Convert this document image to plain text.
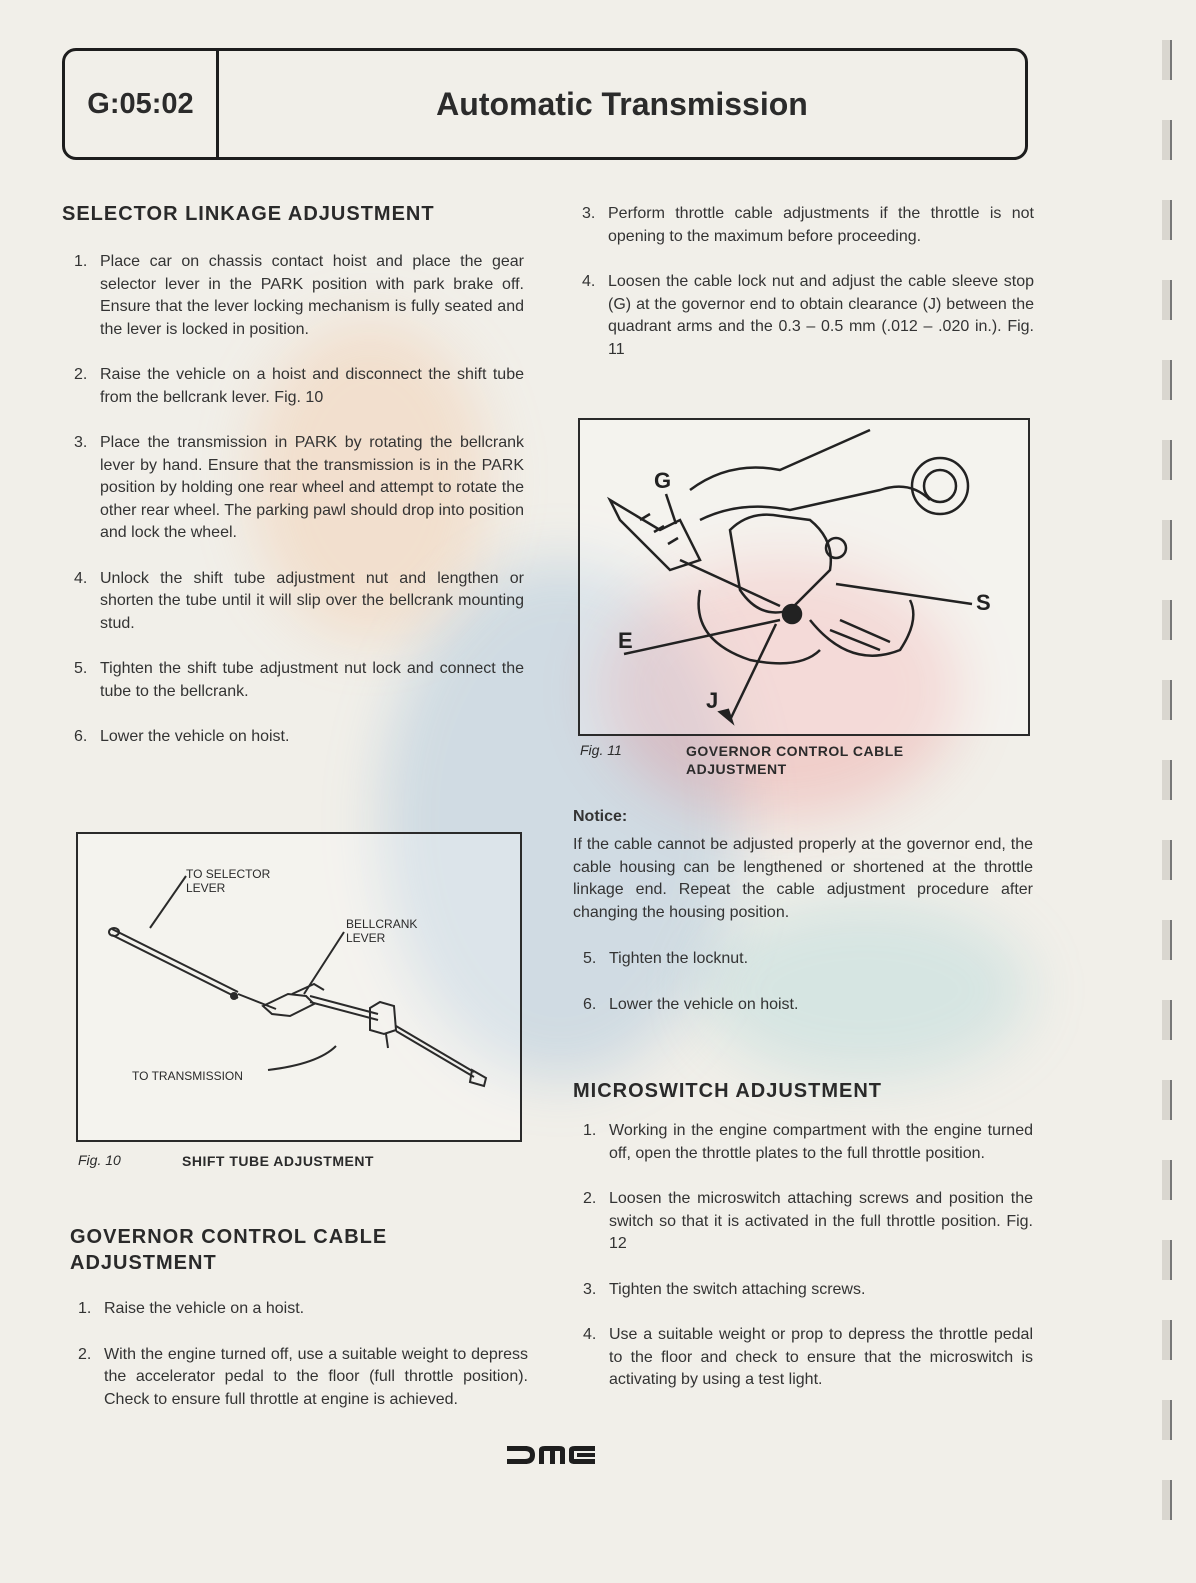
G:05:02	Automatic Transmission
SELECTOR LINKAGE ADJUSTMENT
1. Place car on chassis contact hoist and place the gear selector lever in the PARK position with park brake off. Ensure that the lever locking mechanism is fully seated and the lever is locked in position.
2. Raise the vehicle on a hoist and disconnect the shift tube from the bellcrank lever. Fig. 10
3. Place the transmission in PARK by rotating the bellcrank lever by hand. Ensure that the transmission is in the PARK position by holding one rear wheel and attempt to rotate the other rear wheel. The parking pawl should drop into position and lock the wheel.
4. Unlock the shift tube adjustment nut and lengthen or shorten the tube until it will slip over the bellcrank mounting stud.
5. Tighten the shift tube adjustment nut lock and connect the tube to the bellcrank.
6. Lower the vehicle on hoist.
TO SELECTOR
LEVER
BELLCRANK
LEVER
TO TRANSMISSION
Fig. 10	SHIFT TUBE ADJUSTMENT
GOVERNOR CONTROL CABLE
ADJUSTMENT
1. Raise the vehicle on a hoist.
2. With the engine turned off, use a suitable weight to depress the accelerator pedal to the floor (full throttle position). Check to ensure full throttle at engine is achieved.
3. Perform throttle cable adjustments if the throttle is not opening to the maximum before proceeding.
4. Loosen the cable lock nut and adjust the cable sleeve stop (G) at the governor end to obtain clearance (J) between the quadrant arms and the 0.3 – 0.5 mm (.012 – .020 in.). Fig. 11
G
S
E
J
Fig. 11	GOVERNOR CONTROL CABLE
ADJUSTMENT
Notice:
If the cable cannot be adjusted properly at the governor end, the cable housing can be lengthened or shortened at the throttle linkage end. Repeat the cable adjustment procedure after changing the housing position.
5. Tighten the locknut.
6. Lower the vehicle on hoist.
MICROSWITCH ADJUSTMENT
1. Working in the engine compartment with the engine turned off, open the throttle plates to the full throttle position.
2. Loosen the microswitch attaching screws and position the switch so that it is activated in the full throttle position. Fig. 12
3. Tighten the switch attaching screws.
4. Use a suitable weight or prop to depress the throttle pedal to the floor and check to ensure that the microswitch is activating by using a test light.
